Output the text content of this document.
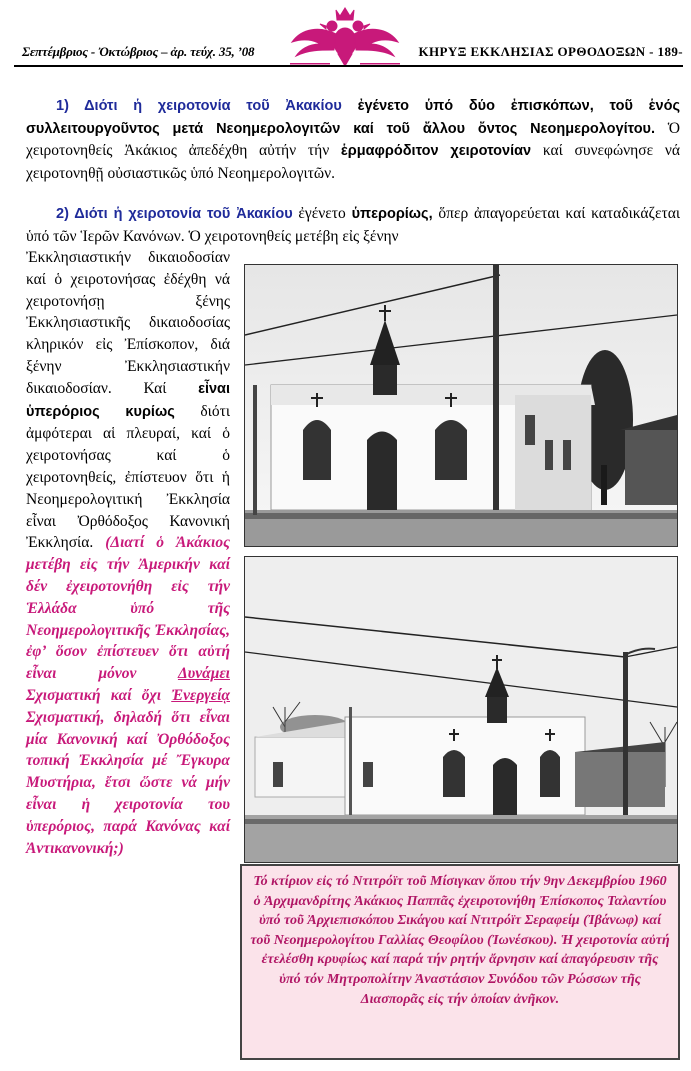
Σεπτέμβριος - Ὀκτώβριος – ἀρ. τεύχ. 35, ’08	ΚΗΡΥΞ ΕΚΚΛΗΣΙΑΣ ΟΡΘΟΔΟΞΩΝ - 189-
1) Διότι ἡ χειροτονία τοῦ Ἀκακίου ἐγένετο ὑπό δύο ἐπισκόπων, τοῦ ἑνός συλλειτουργοῦντος μετά Νεοημερολογιτῶν καί τοῦ ἄλλου ὄντος Νεοημερολογίτου. Ὁ χειροτονηθείς Ἀκάκιος ἀπεδέχθη αὐτήν τήν ἑρμαφρόδιτον χειροτονίαν καί συνεφώνησε νά χειροτονηθῇ οὐσιαστικῶς ὑπό Νεοημερολογιτῶν.
2) Διότι ἡ χειροτονία τοῦ Ἀκακίου ἐγένετο ὑπερορίως, ὅπερ ἀπαγορεύεται καί καταδικάζεται ὑπό τῶν Ἱερῶν Κανόνων. Ὁ χειροτονηθείς μετέβη εἰς ξένην
Ἐκκλησιαστικήν δικαιοδοσίαν καί ὁ χειροτονήσας ἐδέχθη νά χειροτονήσῃ ξένης Ἐκκλησιαστικῆς δικαιοδοσίας κληρικόν εἰς Ἐπίσκοπον, διά ξένην Ἐκκλησιαστικήν δικαιοδοσίαν. Καί εἶναι ὑπερόριος κυρίως διότι ἀμφότεραι αἱ πλευραί, καί ὁ χειροτονήσας καί ὁ χειροτονηθείς, ἐπίστευον ὅτι ἡ Νεοημερολογιτική Ἐκκλησία εἶναι Ὀρθόδοξος Κανονική Ἐκκλησία. (Διατί ὁ Ἀκάκιος μετέβη εἰς τήν Ἀμερικήν καί δέν ἐχειροτονήθη εἰς τήν Ἑλλάδα ὑπό τῆς Νεοημερολογιτικῆς Ἐκκλησίας, ἐφ’ ὅσον ἐπίστευεν ὅτι αὐτή εἶναι μόνον Δυνάμει Σχισματική καί ὄχι Ἐνεργείᾳ Σχισματική, δηλαδή ὅτι εἶναι μία Κανονική καί Ὀρθόδοξος τοπική Ἐκκλησία μέ Ἔγκυρα Μυστήρια, ἔτσι ὥστε νά μήν εἶναι ἡ χειροτονία του ὑπερόριος, παρά Κανόνας καί Ἀντικανονική;)
Τό κτίριον εἰς τό Ντιτρόϊτ τοῦ Μίσιγκαν ὅπου τήν 9ην Δεκεμβρίου 1960 ὁ Ἀρχιμανδρίτης Ἀκάκιος Παππᾶς ἐχειροτονήθη Ἐπίσκοπος Ταλαντίου ὑπό τοῦ Ἀρχιεπισκόπου Σικάγου καί Ντιτρόϊτ Σεραφείμ (Ἰβάνωφ) καί τοῦ Νεοημερολογίτου Γαλλίας Θεοφίλου (Ἰωνέσκου). Ἡ χειροτονία αὐτή ἐτελέσθη κρυφίως καί παρά τήν ρητήν ἄρνησιν καί ἀπαγόρευσιν τῆς ὑπό τόν Μητροπολίτην Ἀναστάσιον Συνόδου τῶν Ρώσσων τῆς Διασπορᾶς εἰς τήν ὁποίαν ἀνῆκον.
